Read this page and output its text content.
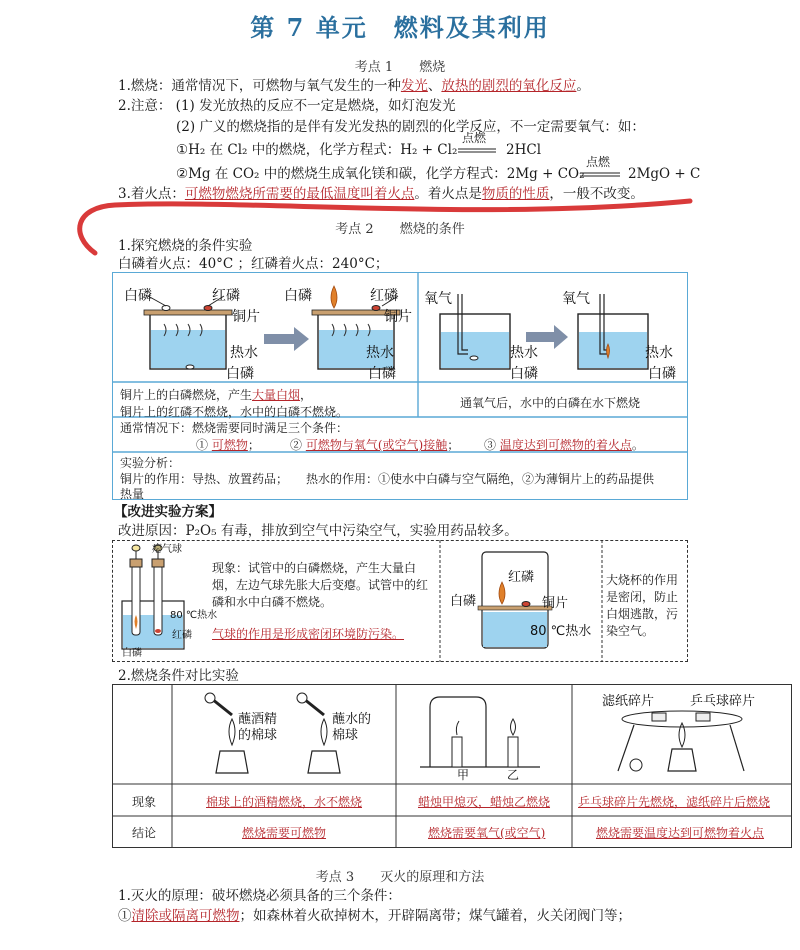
第 7 单元　燃料及其利用
考点 1　　燃烧
1.燃烧：通常情况下，可燃物与氧气发生的一种发光、放热的剧烈的氧化反应。
2.注意： (1) 发光放热的反应不一定是燃烧，如灯泡发光
(2) 广义的燃烧指的是伴有发光发热的剧烈的化学反应，不一定需要氧气：如：
①H₂ 在 Cl₂ 中的燃烧，化学方程式：H₂ + Cl₂
点燃
2HCl
②Mg 在 CO₂ 中的燃烧生成氧化镁和碳，化学方程式：2Mg + CO₂
点燃
2MgO + C
3.着火点：可燃物燃烧所需要的最低温度叫着火点。着火点是物质的性质，一般不改变。
考点 2　　燃烧的条件
1.探究燃烧的条件实验
白磷着火点：40°C ；红磷着火点：240°C；
白磷	红磷
铜片
热水
白磷
白磷	红磷
铜片
热水
白磷
氧气
热水
白磷
氧气
热水
白磷
铜片上的白磷燃烧，产生大量白烟，
铜片上的红磷不燃烧，水中的白磷不燃烧。
通氧气后，水中的白磷在水下燃烧
通常情况下：燃烧需要同时满足三个条件：
① 可燃物；	② 可燃物与氧气(或空气)接触； ③ 温度达到可燃物的着火点。
实验分析：
铜片的作用：导热、放置药品；　　热水的作用：①使水中白磷与空气隔绝，②为薄铜片上的药品提供
热量
【改进实验方案】
改进原因：P₂O₅ 有毒，排放到空气中污染空气，实验用药品较多。
瘪气球
80 ℃热水
红磷
白磷
现象：试管中的白磷燃烧，产生大量白烟，左边气球先胀大后变瘪。试管中的红磷和水中白磷不燃烧。
气球的作用是形成密闭环境防污染。
红磷
白磷	铜片
80 ℃热水
大烧杯的作用是密闭，防止白烟逃散，污染空气。
2.燃烧条件对比实验
蘸酒精的棉球
蘸水的棉球
甲	乙
滤纸碎片	乒乓球碎片
现象
结论
棉球上的酒精燃烧，水不燃烧	蜡烛甲熄灭，蜡烛乙燃烧 乒乓球碎片先燃烧，滤纸碎片后燃烧
燃烧需要可燃物	燃烧需要氧气(或空气)	燃烧需要温度达到可燃物着火点
考点 3　　灭火的原理和方法
1.灭火的原理：破坏燃烧必须具备的三个条件：
①清除或隔离可燃物；如森林着火砍掉树木，开辟隔离带；煤气罐着，火关闭阀门等；
